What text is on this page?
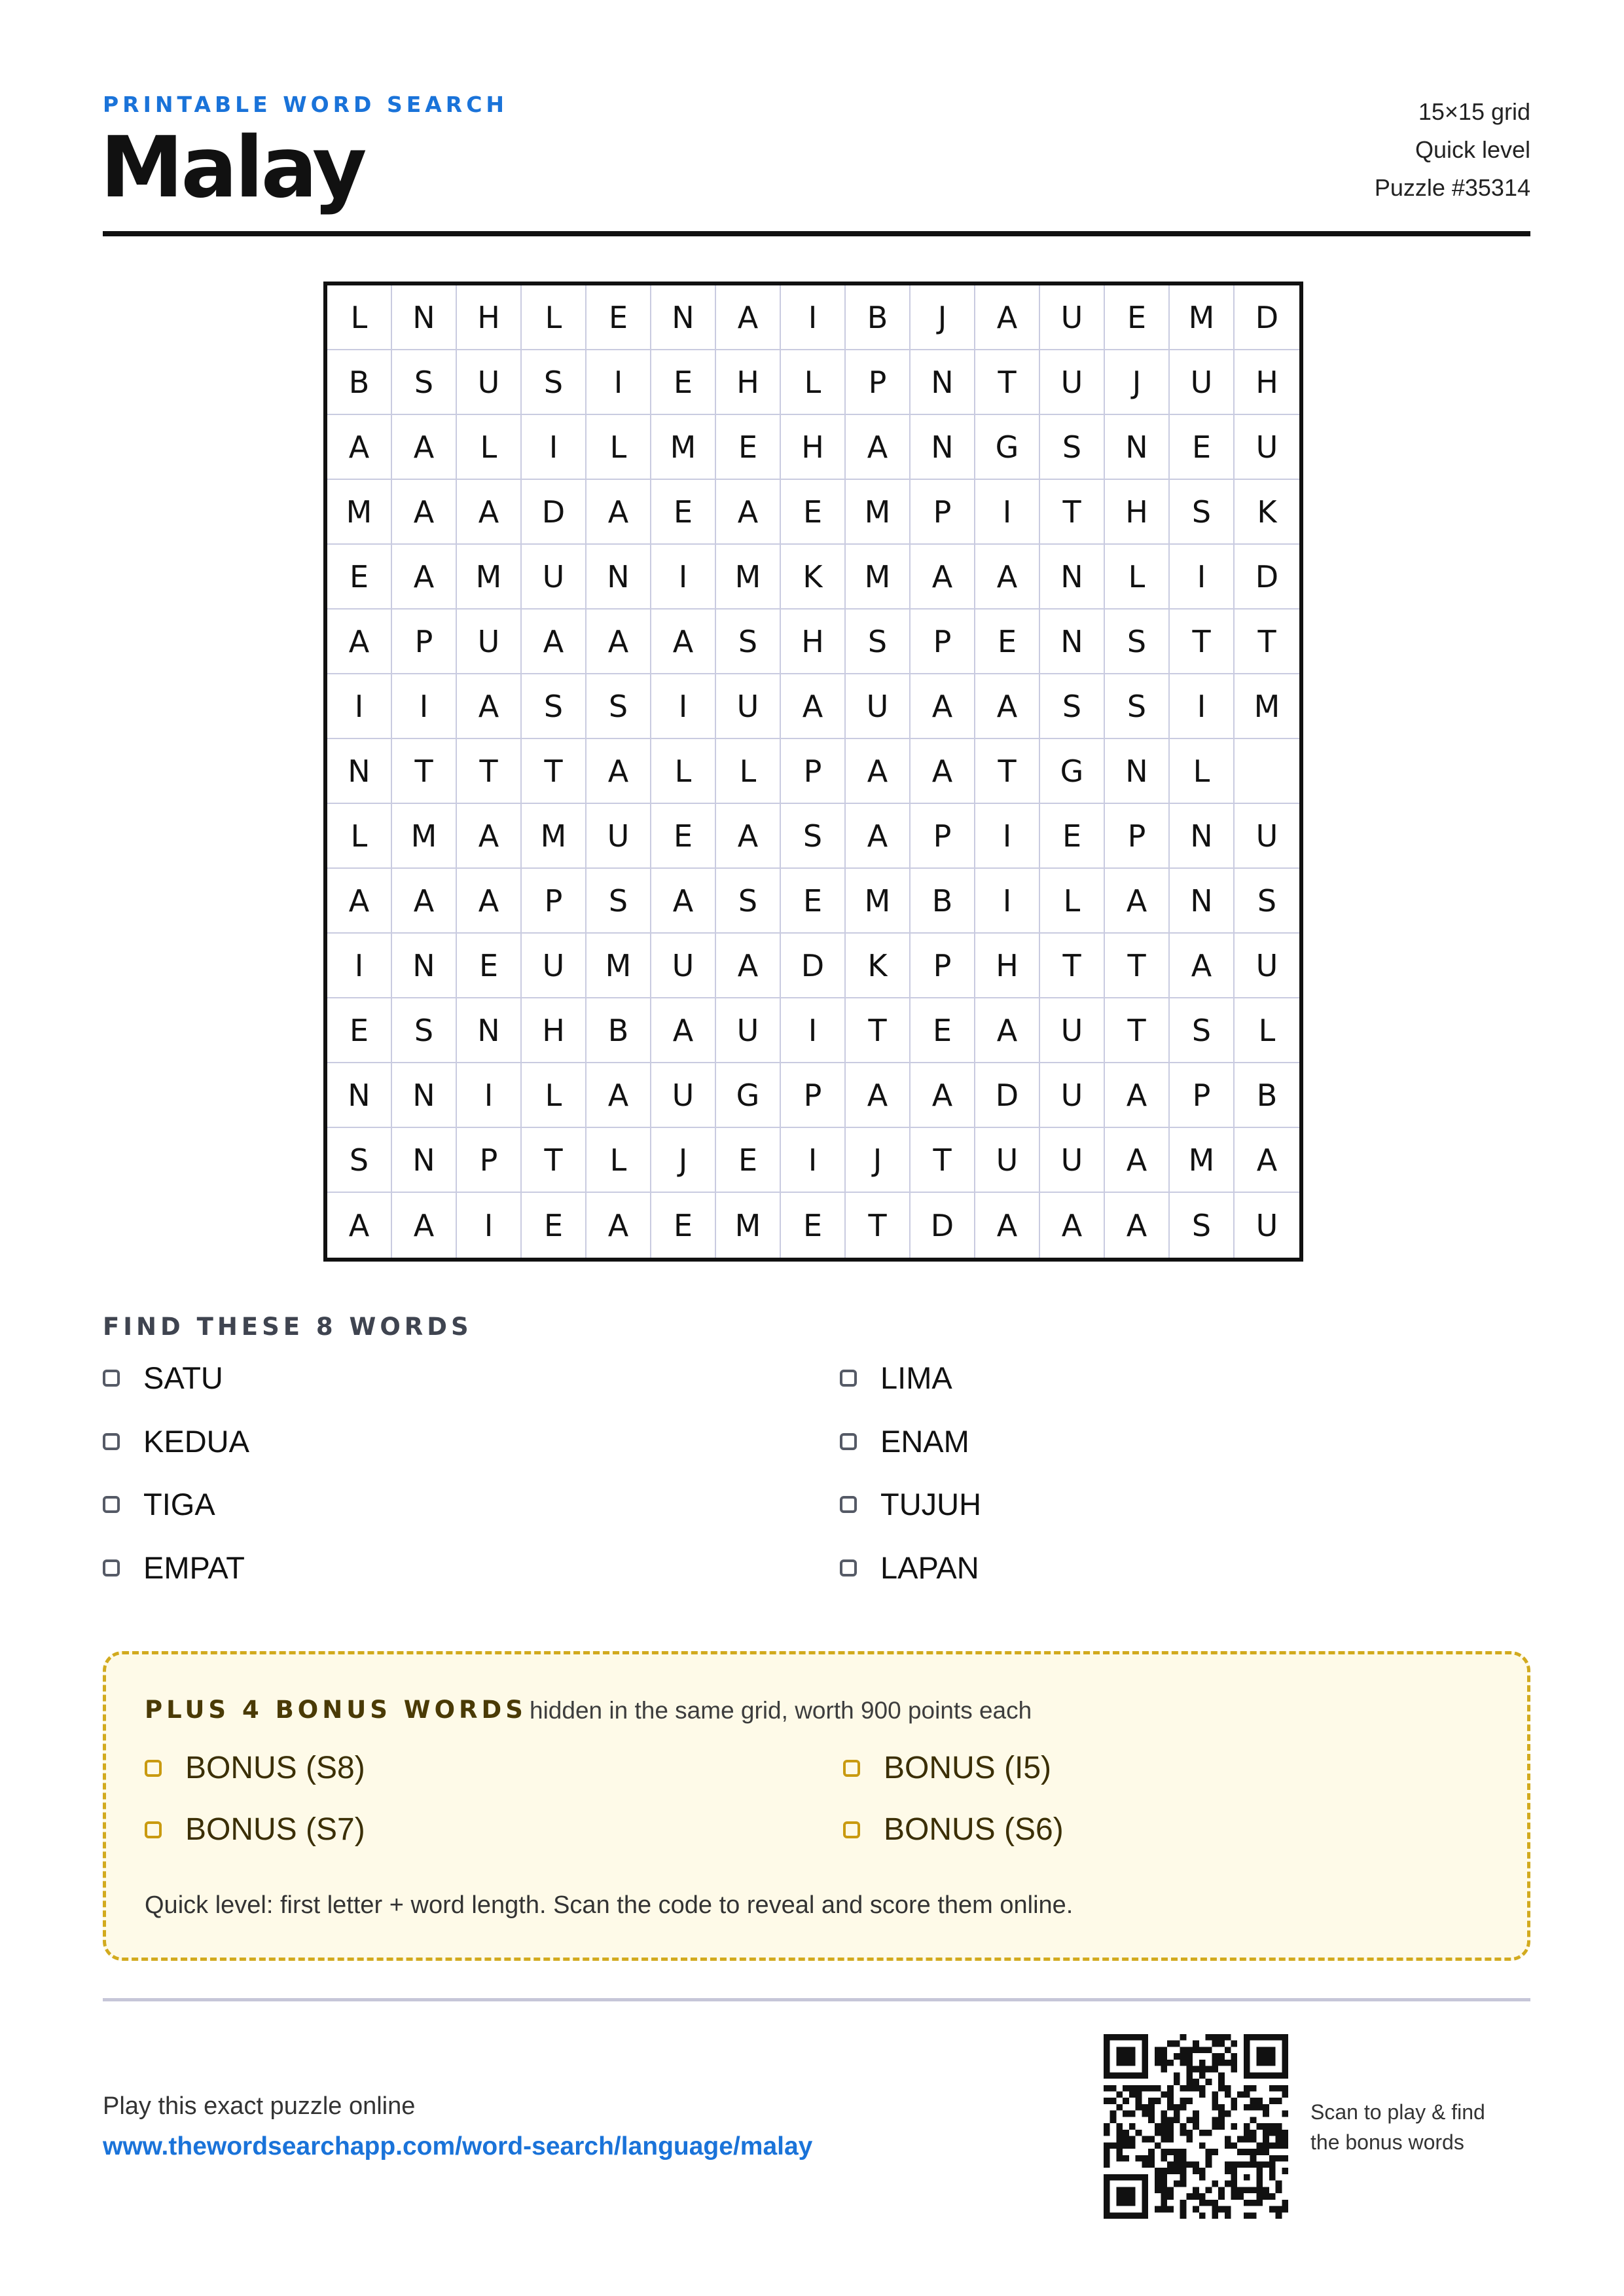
PRINTABLE WORD SEARCH
Malay
15×15 grid
Quick level
Puzzle #35314
L	N	H	L	E	N	A	I	B	J	A	U	E	M	D
B	S	U	S	I	E	H	L	P	N	T	U	J	U	H
A	A	L	I	L	M	E	H	A	N	G	S	N	E	U
M	A	A	D	A	E	A	E	M	P	I	T	H	S	K
E	A	M	U	N	I	M	K	M	A	A	N	L	I	D
A	P	U	A	A	A	S	H	S	P	E	N	S	T	T
I	I	A	S	S	I	U	A	U	A	A	S	S	I	M
N	T	T	T	A	L	L	P	A	A	T	G	N	L
L	M	A	M	U	E	A	S	A	P	I	E	P	N	U
A	A	A	P	S	A	S	E	M	B	I	L	A	N	S
I	N	E	U	M	U	A	D	K	P	H	T	T	A	U
E	S	N	H	B	A	U	I	T	E	A	U	T	S	L
N	N	I	L	A	U	G	P	A	A	D	U	A	P	B
S	N	P	T	L	J	E	I	J	T	U	U	A	M	A
A	A	I	E	A	E	M	E	T	D	A	A	A	S	U
FIND THESE 8 WORDS
SATU	LIMA
KEDUA	ENAM
TIGA	TUJUH
EMPAT	LAPAN
PLUS 4 BONUS WORDS hidden in the same grid, worth 900 points each
BONUS (S8)	BONUS (I5)
BONUS (S7)	BONUS (S6)
Quick level: first letter + word length. Scan the code to reveal and score them online.
Play this exact puzzle online
www.thewordsearchapp.com/word-search/language/malay
Scan to play & find
the bonus words
